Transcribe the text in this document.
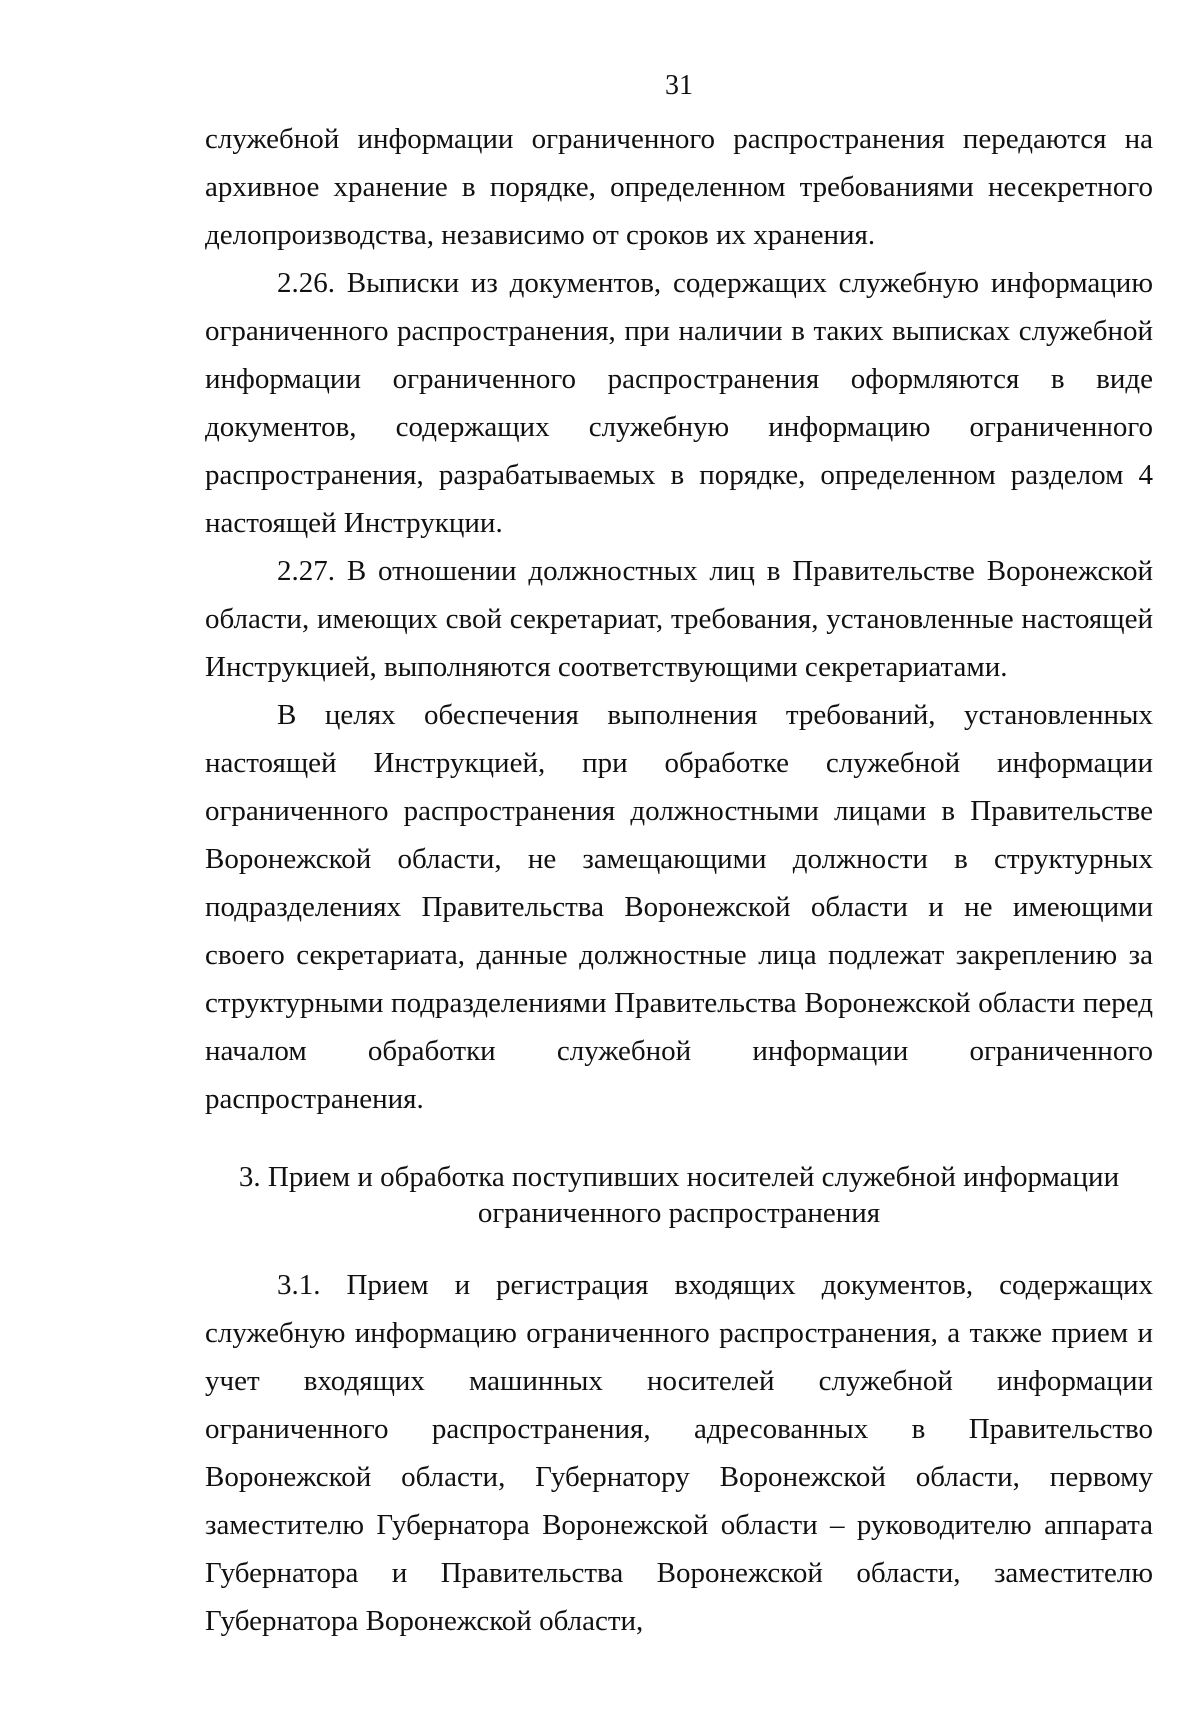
31

служебной информации ограниченного распространения передаются на архивное хранение в порядке, определенном требованиями несекретного делопроизводства, независимо от сроков их хранения.

2.26. Выписки из документов, содержащих служебную информацию ограниченного распространения, при наличии в таких выписках служебной информации ограниченного распространения оформляются в виде документов, содержащих служебную информацию ограниченного распространения, разрабатываемых в порядке, определенном разделом 4 настоящей Инструкции.

2.27. В отношении должностных лиц в Правительстве Воронежской области, имеющих свой секретариат, требования, установленные настоящей Инструкцией, выполняются соответствующими секретариатами.

В целях обеспечения выполнения требований, установленных настоящей Инструкцией, при обработке служебной информации ограниченного распространения должностными лицами в Правительстве Воронежской области, не замещающими должности в структурных подразделениях Правительства Воронежской области и не имеющими своего секретариата, данные должностные лица подлежат закреплению за структурными подразделениями Правительства Воронежской области перед началом обработки служебной информации ограниченного распространения.

3. Прием и обработка поступивших носителей служебной информации
ограниченного распространения

3.1. Прием и регистрация входящих документов, содержащих служебную информацию ограниченного распространения, а также прием и учет входящих машинных носителей служебной информации ограниченного распространения, адресованных в Правительство Воронежской области, Губернатору Воронежской области, первому заместителю Губернатора Воронежской области – руководителю аппарата Губернатора и Правительства Воронежской области, заместителю Губернатора Воронежской области,
